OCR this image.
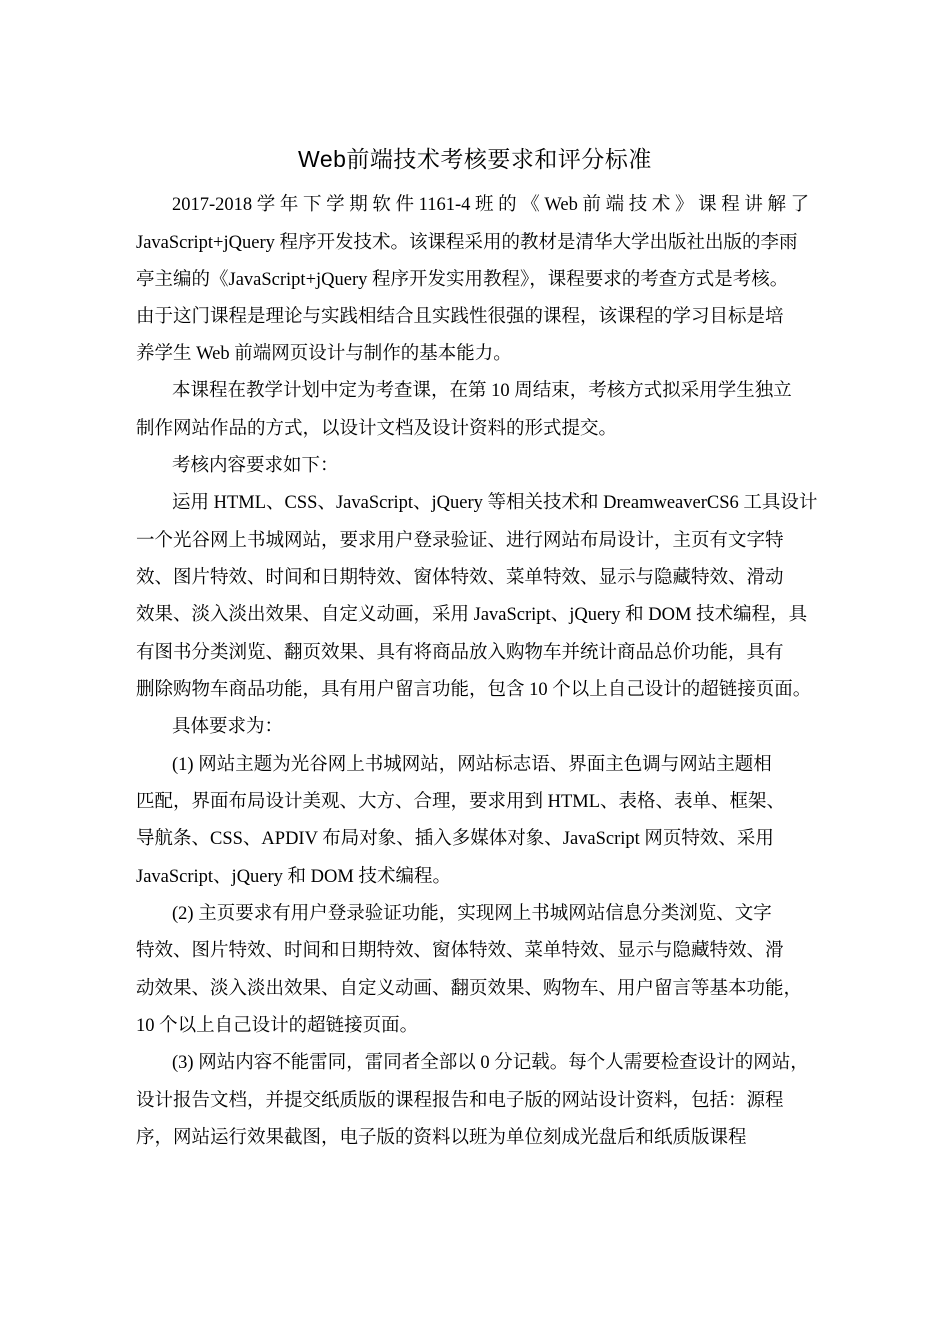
Web前端技术考核要求和评分标准
2017-2018 学 年 下 学 期 软 件 1161-4 班 的 《 Web 前 端 技 术 》 课 程 讲 解 了
JavaScript+jQuery 程序开发技术。该课程采用的教材是清华大学出版社出版的李雨
亭主编的《JavaScript+jQuery 程序开发实用教程》，课程要求的考查方式是考核。
由于这门课程是理论与实践相结合且实践性很强的课程，该课程的学习目标是培
养学生 Web 前端网页设计与制作的基本能力。
本课程在教学计划中定为考查课，在第 10 周结束，考核方式拟采用学生独立
制作网站作品的方式，以设计文档及设计资料的形式提交。
考核内容要求如下：
运用 HTML、CSS、JavaScript、jQuery 等相关技术和 DreamweaverCS6 工具设计
一个光谷网上书城网站，要求用户登录验证、进行网站布局设计，主页有文字特
效、图片特效、时间和日期特效、窗体特效、菜单特效、显示与隐藏特效、滑动
效果、淡入淡出效果、自定义动画，采用 JavaScript、jQuery 和 DOM 技术编程，具
有图书分类浏览、翻页效果、具有将商品放入购物车并统计商品总价功能，具有
删除购物车商品功能，具有用户留言功能，包含 10 个以上自己设计的超链接页面。
具体要求为：
(1) 网站主题为光谷网上书城网站，网站标志语、界面主色调与网站主题相
匹配，界面布局设计美观、大方、合理，要求用到 HTML、表格、表单、框架、
导航条、CSS、APDIV 布局对象、插入多媒体对象、JavaScript 网页特效、采用
JavaScript、jQuery 和 DOM 技术编程。
(2) 主页要求有用户登录验证功能，实现网上书城网站信息分类浏览、文字
特效、图片特效、时间和日期特效、窗体特效、菜单特效、显示与隐藏特效、滑
动效果、淡入淡出效果、自定义动画、翻页效果、购物车、用户留言等基本功能，
10 个以上自己设计的超链接页面。
(3) 网站内容不能雷同，雷同者全部以 0 分记载。每个人需要检查设计的网站，
设计报告文档，并提交纸质版的课程报告和电子版的网站设计资料，包括：源程
序，网站运行效果截图，电子版的资料以班为单位刻成光盘后和纸质版课程
